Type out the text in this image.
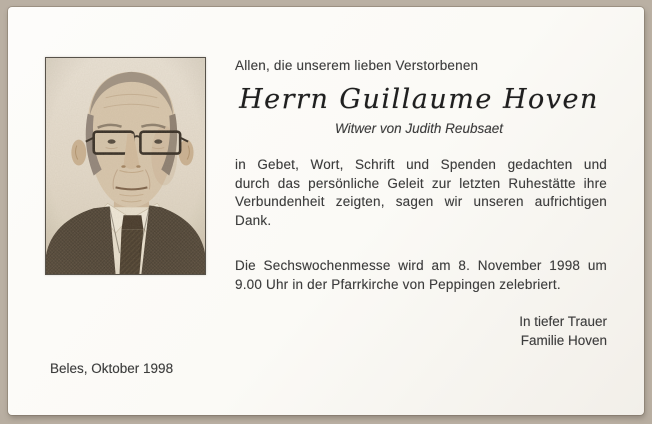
Allen, die unserem lieben Verstorbenen
Herrn Guillaume Hoven
Witwer von Judith Reubsaet
in Gebet, Wort, Schrift und Spenden gedachten und
durch das persönliche Geleit zur letzten Ruhestätte ihre
Verbundenheit zeigten, sagen wir unseren aufrichtigen
Dank.
Die Sechswochenmesse wird am 8. November 1998 um
9.00 Uhr in der Pfarrkirche von Peppingen zelebriert.
In tiefer Trauer
Familie Hoven
Beles, Oktober 1998
